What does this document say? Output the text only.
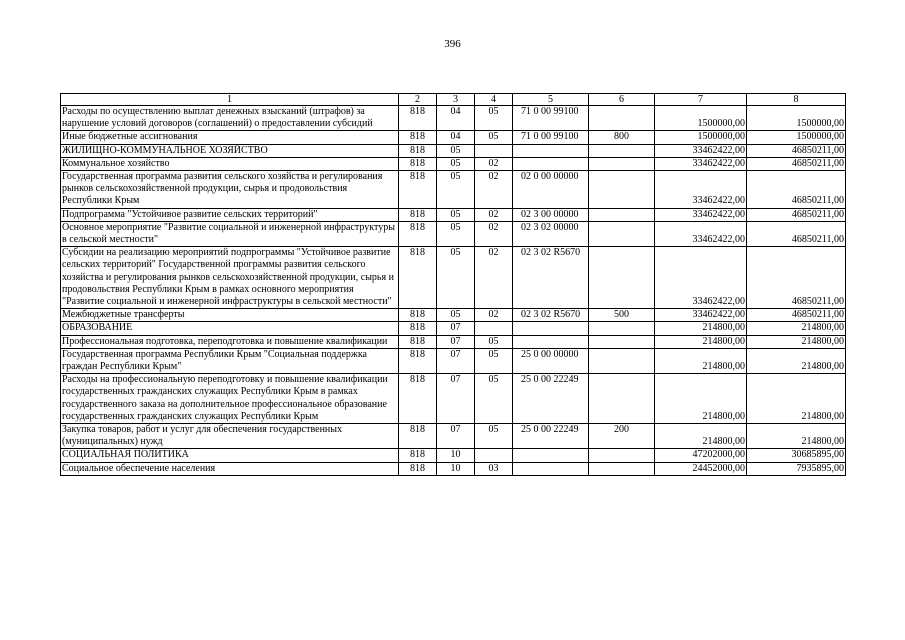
396
1	2	3	4	5	6	7	8
Расходы по осуществлению выплат денежных взысканий (штрафов) за нарушение условий договоров (соглашений) о предоставлении субсидий	818	04	05	71 0 00 99100		1500000,00	1500000,00
Иные бюджетные ассигнования	818	04	05	71 0 00 99100	800	1500000,00	1500000,00
ЖИЛИЩНО-КОММУНАЛЬНОЕ ХОЗЯЙСТВО	818	05				33462422,00	46850211,00
Коммунальное хозяйство	818	05	02			33462422,00	46850211,00
Государственная программа развития сельского хозяйства и регулирования рынков сельскохозяйственной продукции, сырья и продовольствия Республики Крым	818	05	02	02 0 00 00000		33462422,00	46850211,00
Подпрограмма "Устойчивое развитие сельских территорий"	818	05	02	02 3 00 00000		33462422,00	46850211,00
Основное мероприятие "Развитие социальной и инженерной инфраструктуры в сельской местности"	818	05	02	02 3 02 00000		33462422,00	46850211,00
Субсидии на реализацию мероприятий подпрограммы "Устойчивое развитие сельских территорий" Государственной программы развития сельского хозяйства и регулирования рынков сельскохозяйственной продукции, сырья и продовольствия Республики Крым в рамках основного мероприятия "Развитие социальной и инженерной инфраструктуры в сельской местности"	818	05	02	02 3 02 R5670		33462422,00	46850211,00
Межбюджетные трансферты	818	05	02	02 3 02 R5670	500	33462422,00	46850211,00
ОБРАЗОВАНИЕ	818	07				214800,00	214800,00
Профессиональная подготовка, переподготовка и повышение квалификации	818	07	05			214800,00	214800,00
Государственная программа Республики Крым "Социальная поддержка граждан Республики Крым"	818	07	05	25 0 00 00000		214800,00	214800,00
Расходы на профессиональную переподготовку и повышение квалификации государственных гражданских служащих Республики Крым в рамках государственного заказа на дополнительное профессиональное образование государственных гражданских служащих Республики Крым	818	07	05	25 0 00 22249		214800,00	214800,00
Закупка товаров, работ и услуг для обеспечения государственных (муниципальных) нужд	818	07	05	25 0 00 22249	200	214800,00	214800,00
СОЦИАЛЬНАЯ ПОЛИТИКА	818	10				47202000,00	30685895,00
Социальное обеспечение населения	818	10	03			24452000,00	7935895,00
